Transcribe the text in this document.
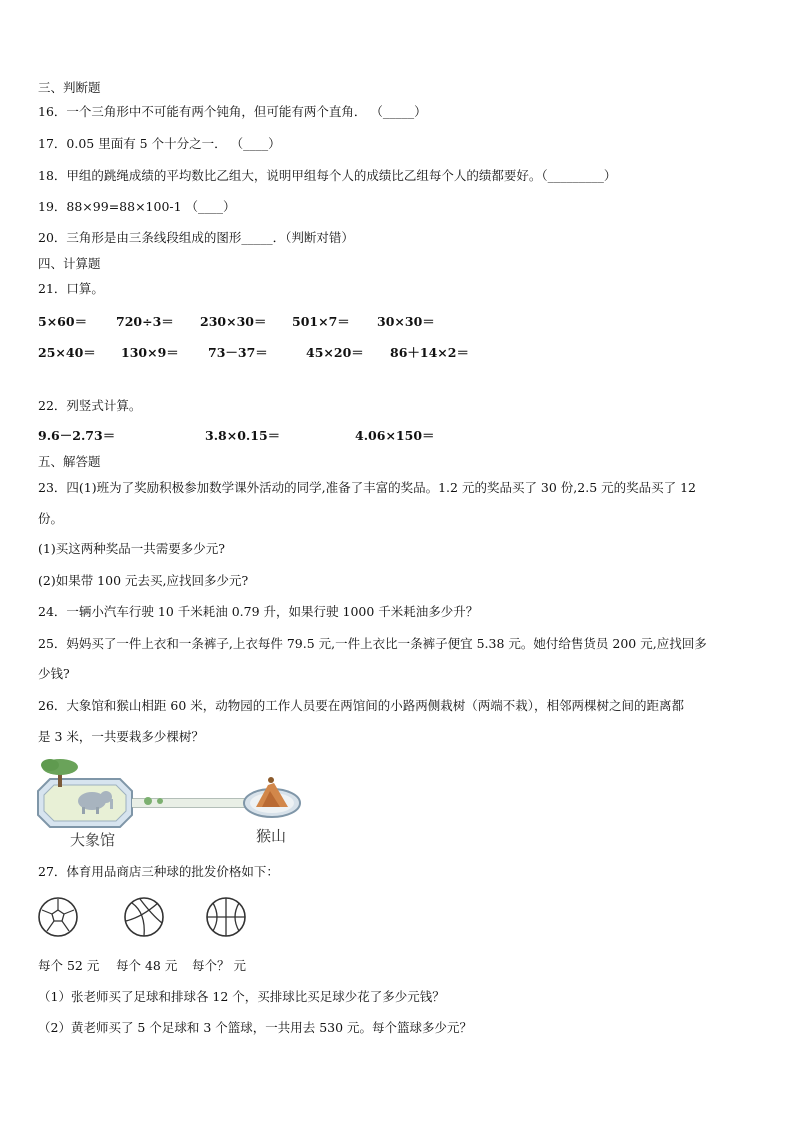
三、判断题
16．一个三角形中不可能有两个钝角，但可能有两个直角． （_____）
17．0.05 里面有 5 个十分之一． （____）
18．甲组的跳绳成绩的平均数比乙组大，说明甲组每个人的成绩比乙组每个人的绩都要好。（_________）
19．88×99=88×100-1 （____）
20．三角形是由三条线段组成的图形_____．（判断对错）
四、计算题
21．口算。
5×60＝ 720÷3＝ 230×30＝ 501×7＝ 30×30＝
25×40＝ 130×9＝ 73－37＝	45×20＝ 86＋14×2＝
22．列竖式计算。
9.6－2.73＝	3.8×0.15＝	4.06×150＝
五、解答题
23．四(1)班为了奖励积极参加数学课外活动的同学,准备了丰富的奖品。1.2 元的奖品买了 30 份,2.5 元的奖品买了 12
份。
(1)买这两种奖品一共需要多少元?
(2)如果带 100 元去买,应找回多少元?
24．一辆小汽车行驶 10 千米耗油 0.79 升，如果行驶 1000 千米耗油多少升？
25．妈妈买了一件上衣和一条裤子,上衣每件 79.5 元,一件上衣比一条裤子便宜 5.38 元。她付给售货员 200 元,应找回多
少钱?
26．大象馆和猴山相距 60 米，动物园的工作人员要在两馆间的小路两侧栽树（两端不栽），相邻两棵树之间的距离都
是 3 米，一共要栽多少棵树？
大象馆	猴山
27．体育用品商店三种球的批发价格如下：
每个 52 元 每个 48 元 每个？ 元
（1）张老师买了足球和排球各 12 个，买排球比买足球少花了多少元钱？
（2）黄老师买了 5 个足球和 3 个篮球，一共用去 530 元。每个篮球多少元？
